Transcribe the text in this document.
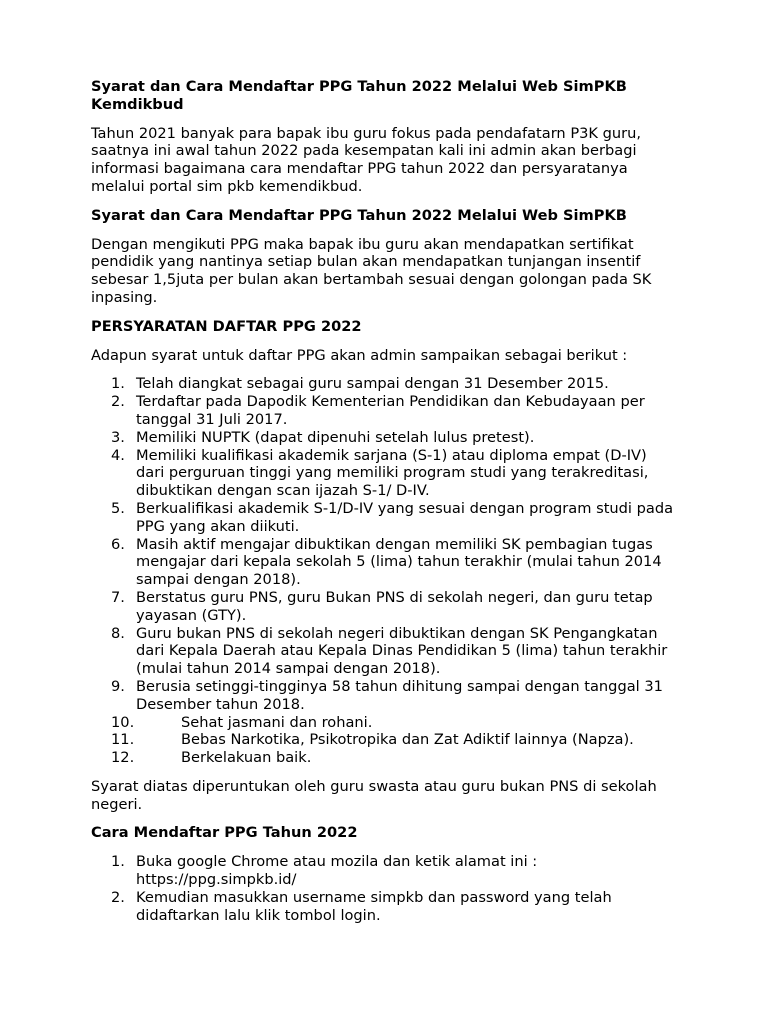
Syarat dan Cara Mendaftar PPG Tahun 2022 Melalui Web SimPKB Kemdikbud

Tahun 2021 banyak para bapak ibu guru fokus pada pendafatarn P3K guru, saatnya ini awal tahun 2022 pada kesempatan kali ini admin akan berbagi informasi bagaimana cara mendaftar PPG tahun 2022 dan persyaratanya melalui portal sim pkb kemendikbud.

Syarat dan Cara Mendaftar PPG Tahun 2022 Melalui Web SimPKB

Dengan mengikuti PPG maka bapak ibu guru akan mendapatkan sertifikat pendidik yang nantinya setiap bulan akan mendapatkan tunjangan insentif sebesar 1,5juta per bulan akan bertambah sesuai dengan golongan pada SK inpasing.

PERSYARATAN DAFTAR PPG 2022

Adapun syarat untuk daftar PPG akan admin sampaikan sebagai berikut :

1. Telah diangkat sebagai guru sampai dengan 31 Desember 2015.
2. Terdaftar pada Dapodik Kementerian Pendidikan dan Kebudayaan per tanggal 31 Juli 2017.
3. Memiliki NUPTK (dapat dipenuhi setelah lulus pretest).
4. Memiliki kualifikasi akademik sarjana (S-1) atau diploma empat (D-IV) dari perguruan tinggi yang memiliki program studi yang terakreditasi, dibuktikan dengan scan ijazah S-1/ D-IV.
5. Berkualifikasi akademik S-1/D-IV yang sesuai dengan program studi pada PPG yang akan diikuti.
6. Masih aktif mengajar dibuktikan dengan memiliki SK pembagian tugas mengajar dari kepala sekolah 5 (lima) tahun terakhir (mulai tahun 2014 sampai dengan 2018).
7. Berstatus guru PNS, guru Bukan PNS di sekolah negeri, dan guru tetap yayasan (GTY).
8. Guru bukan PNS di sekolah negeri dibuktikan dengan SK Pengangkatan dari Kepala Daerah atau Kepala Dinas Pendidikan 5 (lima) tahun terakhir (mulai tahun 2014 sampai dengan 2018).
9. Berusia setinggi-tingginya 58 tahun dihitung sampai dengan tanggal 31 Desember tahun 2018.
10.	Sehat jasmani dan rohani.
11.	Bebas Narkotika, Psikotropika dan Zat Adiktif lainnya (Napza).
12.	Berkelakuan baik.

Syarat diatas diperuntukan oleh guru swasta atau guru bukan PNS di sekolah negeri.

Cara Mendaftar PPG Tahun 2022
1. Buka google Chrome atau mozila dan ketik alamat ini : https://ppg.simpkb.id/
2. Kemudian masukkan username simpkb dan password yang telah didaftarkan lalu klik tombol login.
